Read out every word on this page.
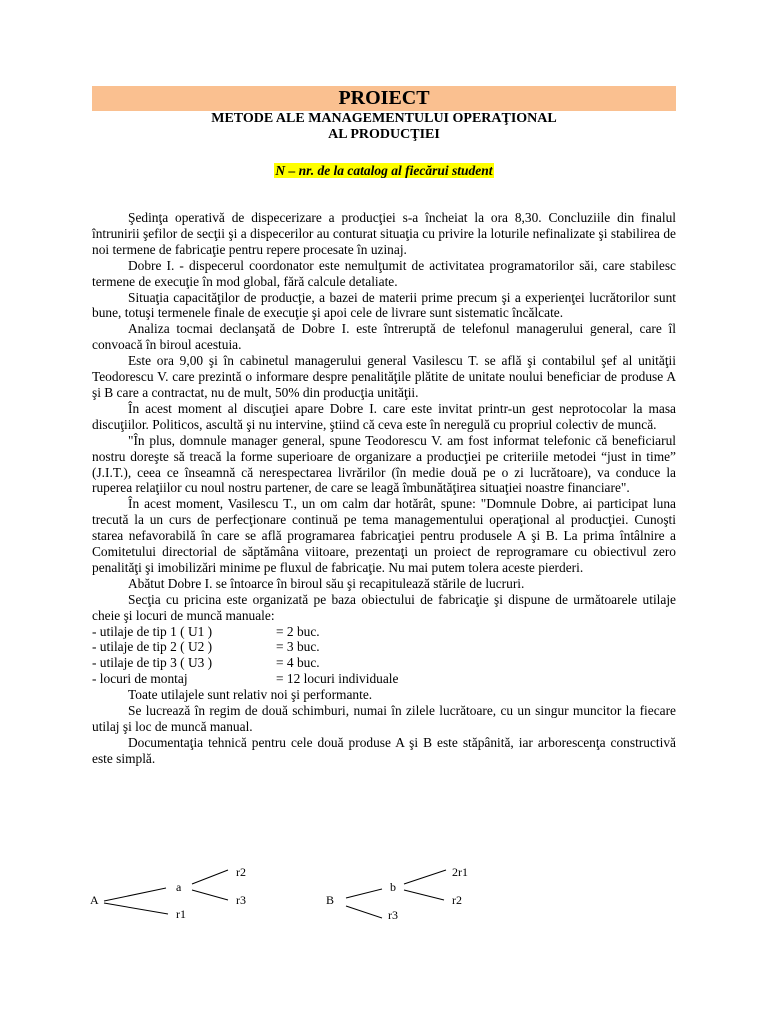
PROIECT
METODE ALE MANAGEMENTULUI OPERAŢIONAL
AL PRODUCŢIEI
N – nr. de la catalog al fiecărui student

Şedinţa operativă de dispecerizare a producţiei s-a încheiat la ora 8,30. Concluziile din finalul întrunirii şefilor de secţii şi a dispecerilor au conturat situaţia cu privire la loturile nefinalizate şi stabilirea de noi termene de fabricaţie pentru repere procesate în uzinaj.

Dobre I. - dispecerul coordonator este nemulţumit de activitatea programatorilor săi, care stabilesc termene de execuţie în mod global, fără calcule detaliate.

Situaţia capacităţilor de producţie, a bazei de materii prime precum şi a experienţei lucrătorilor sunt bune, totuşi termenele finale de execuţie şi apoi cele de livrare sunt sistematic încălcate.

Analiza tocmai declanşată de Dobre I. este întreruptă de telefonul managerului general, care îl convoacă în biroul acestuia.

Este ora 9,00 şi în cabinetul managerului general Vasilescu T. se află şi contabilul şef al unităţii Teodorescu V. care prezintă o informare despre penalităţile plătite de unitate noului beneficiar de produse A şi B care a contractat, nu de mult, 50% din producţia unităţii.

În acest moment al discuţiei apare Dobre I. care este invitat printr-un gest neprotocolar la masa discuţiilor. Politicos, ascultă şi nu intervine, ştiind că ceva este în neregulă cu propriul colectiv de muncă.

"În plus, domnule manager general, spune Teodorescu V. am fost informat telefonic că beneficiarul nostru doreşte să treacă la forme superioare de organizare a producţiei pe criteriile metodei “just in time” (J.I.T.), ceea ce înseamnă că nerespectarea livrărilor (în medie două pe o zi lucrătoare), va conduce la ruperea relaţiilor cu noul nostru partener, de care se leagă îmbunătăţirea situaţiei noastre financiare".

În acest moment, Vasilescu T., un om calm dar hotărât, spune: "Domnule Dobre, ai participat luna trecută la un curs de perfecţionare continuă pe tema managementului operaţional al producţiei. Cunoşti starea nefavorabilă în care se află programarea fabricaţiei pentru produsele A şi B. La prima întâlnire a Comitetului directorial de săptămâna viitoare, prezentaţi un proiect de reprogramare cu obiectivul zero penalităţi şi imobilizări minime pe fluxul de fabricaţie. Nu mai putem tolera aceste pierderi.

Abătut Dobre I. se întoarce în biroul său şi recapitulează stările de lucruri.

Secţia cu pricina este organizată pe baza obiectului de fabricaţie şi dispune de următoarele utilaje cheie şi locuri de muncă manuale:

- utilaje de tip 1 ( U1 )	= 2 buc.

- utilaje de tip 2 ( U2 )	= 3 buc.

- utilaje de tip 3 ( U3 )	= 4 buc.

- locuri de montaj	= 12 locuri individuale

Toate utilajele sunt relativ noi şi performante.

Se lucrează în regim de două schimburi, numai în zilele lucrătoare, cu un singur muncitor la fiecare utilaj şi loc de muncă manual.

Documentaţia tehnică pentru cele două produse A şi B este stăpânită, iar arborescenţa constructivă este simplă.

A
a
r2
r3
r1
B
b
2r1
r2
r3
